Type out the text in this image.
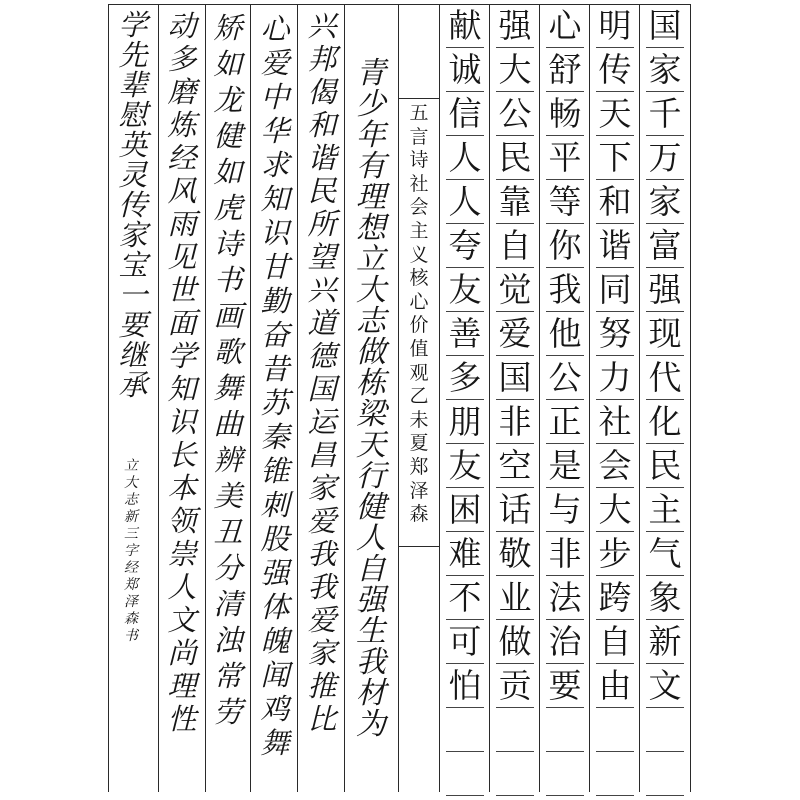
国
家
千
万
家
富
强
现
代
化
民
主
气
象
新
文
明
传
天
下
和
谐
同
努
力
社
会
大
步
跨
自
由
心
舒
畅
平
等
你
我
他
公
正
是
与
非
法
治
要
强
大
公
民
靠
自
觉
爱
国
非
空
话
敬
业
做
贡
献
诚
信
人
人
夸
友
善
多
朋
友
困
难
不
可
怕
五
言
诗
社
会
主
义
核
心
价
值
观
乙
未
夏
郑
泽
森
青
少
年
有
理
想
立
大
志
做
栋
梁
天
行
健
人
自
强
生
我
材
为
兴
邦
偈
和
谐
民
所
望
兴
道
德
国
运
昌
家
爱
我
我
爱
家
推
比
心
爱
中
华
求
知
识
甘
勤
奋
昔
苏
秦
锥
刺
股
强
体
魄
闻
鸡
舞
矫
如
龙
健
如
虎
诗
书
画
歌
舞
曲
辨
美
丑
分
清
浊
常
劳
动
多
磨
炼
经
风
雨
见
世
面
学
知
识
长
本
领
崇
人
文
尚
理
性
学
先
辈
慰
英
灵
传
家
宝
一
要
继
承
立
大
志
新
三
字
经
郑
泽
森
书
